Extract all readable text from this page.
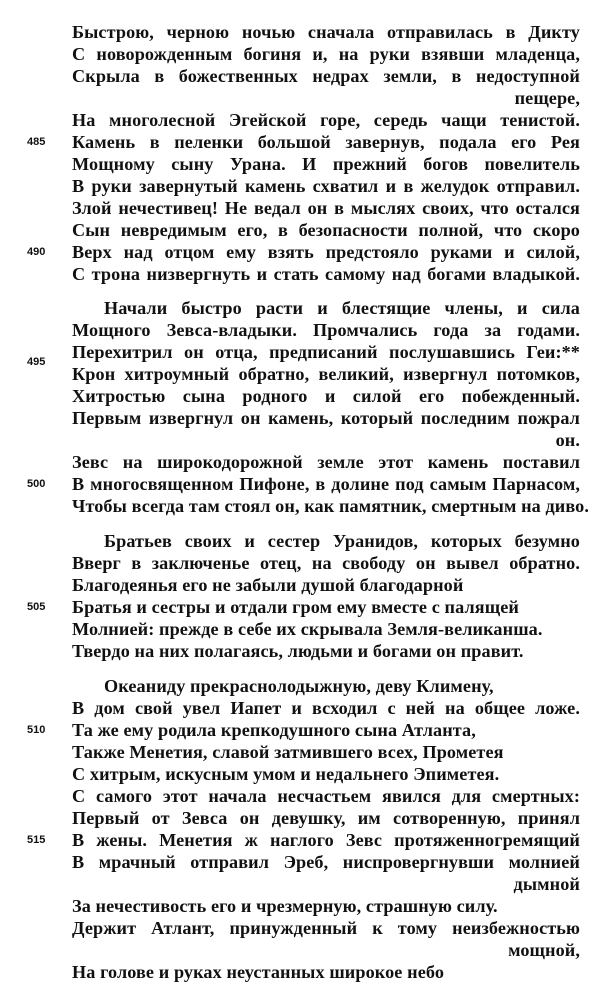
Быстрою, черною ночью сначала отправилась в Дикту
С новорожденным богиня и, на руки взявши младенца,
Скрыла в божественных недрах земли, в недоступной
пещере,
На многолесной Эгейской горе, середь чащи тенистой.
Камень в пеленки большой завернув, подала его Рея
Мощному сыну Урана. И прежний богов повелитель
В руки завернутый камень схватил и в желудок отправил.
Злой нечестивец! Не ведал он в мыслях своих, что остался
Сын невредимым его, в безопасности полной, что скоро
Верх над отцом ему взять предстояло руками и силой,
С трона низвергнуть и стать самому над богами владыкой.
Начали быстро расти и блестящие члены, и сила
Мощного Зевса-владыки. Промчались года за годами.
Перехитрил он отца, предписаний послушавшись Геи:**
Крон хитроумный обратно, великий, извергнул потомков,
Хитростью сына родного и силой его побежденный.
Первым извергнул он камень, который последним пожрал
он.
Зевс на широкодорожной земле этот камень поставил
В многосвященном Пифоне, в долине под самым Парнасом,
Чтобы всегда там стоял он, как памятник, смертным на диво.
Братьев своих и сестер Уранидов, которых безумно
Вверг в заключенье отец, на свободу он вывел обратно.
Благодеянья его не забыли душой благодарной
Братья и сестры и отдали гром ему вместе с палящей
Молнией: прежде в себе их скрывала Земля-великанша.
Твердо на них полагаясь, людьми и богами он правит.
Океаниду прекраснолодыжную, деву Климену,
В дом свой увел Иапет и всходил с ней на общее ложе.
Та же ему родила крепкодушного сына Атланта,
Также Менетия, славой затмившего всех, Прометея
С хитрым, искусным умом и недальнего Эпиметея.
С самого этот начала несчастьем явился для смертных:
Первый от Зевса он девушку, им сотворенную, принял
В жены. Менетия ж наглого Зевс протяженногремящий
В мрачный отправил Эреб, ниспровергнувши молнией
дымной
За нечестивость его и чрезмерную, страшную силу.
Держит Атлант, принужденный к тому неизбежностью
мощной,
На голове и руках неустанных широкое небо
485
490
495
500
505
510
515
